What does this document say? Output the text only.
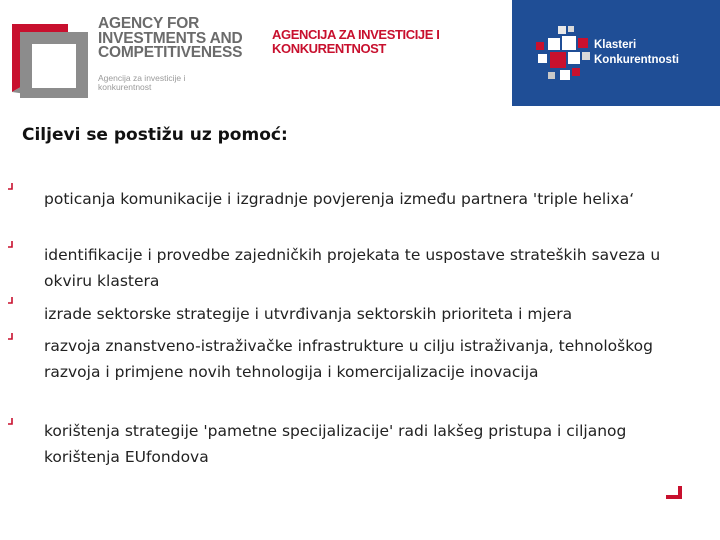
AGENCY FOR INVESTMENTS AND COMPETITIVENESS
Agencija za investicije i konkurentnost
AGENCIJA ZA INVESTICIJE I KONKURENTNOST	Klasteri
Konkurentnosti
Ciljevi se postižu uz pomoć:
poticanja komunikacije i izgradnje povjerenja između partnera 'triple helixa‘
identifikacije i provedbe zajedničkih projekata te uspostave strateških saveza u okviru klastera
izrade sektorske strategije i utvrđivanja sektorskih prioriteta i mjera
razvoja znanstveno-istraživačke infrastrukture u cilju istraživanja, tehnološkog razvoja i primjene novih tehnologija i komercijalizacije inovacija
korištenja strategije 'pametne specijalizacije' radi lakšeg pristupa i ciljanog korištenja EUfondova
